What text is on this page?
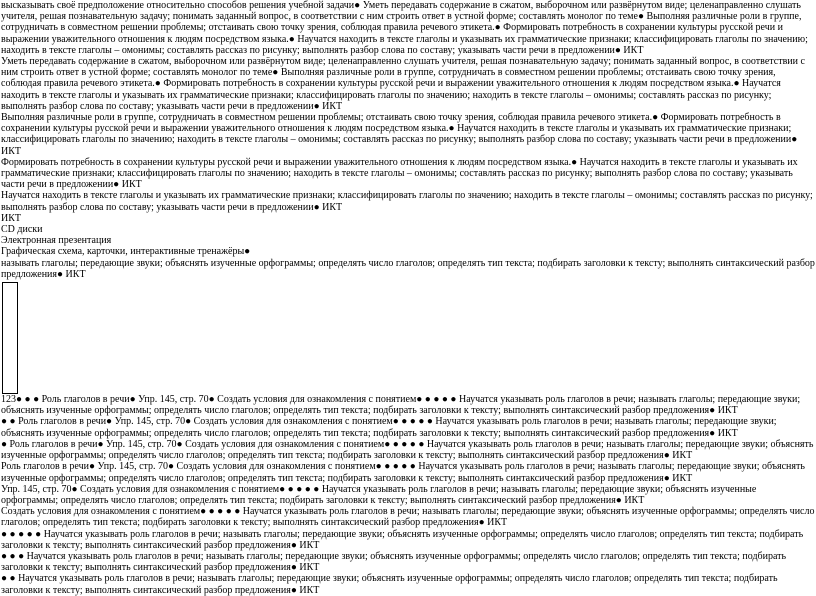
высказывать своё предположение относительно способов решения учебной задачи● Уметь передавать содержание в сжатом, выборочном или развёрнутом виде; целенаправленно слушать учителя, решая познавательную задачу; понимать заданный вопрос, в соответствии с ним строить ответ в устной форме; составлять монолог по теме● Выполняя различные роли в группе, сотрудничать в совместном решении проблемы; отстаивать свою точку зрения, соблюдая правила речевого этикета.● Формировать потребность в сохранении культуры русской речи и выражении уважительного отношения к людям посредством языка.● Научатся находить в тексте глаголы и указывать их грамматические признаки; классифицировать глаголы по значению; находить в тексте глаголы – омонимы; составлять рассказ по рисунку; выполнять разбор слова по составу; указывать части речи в предложении● ИКТ

Уметь передавать содержание в сжатом, выборочном или развёрнутом виде; целенаправленно слушать учителя, решая познавательную задачу; понимать заданный вопрос, в соответствии с ним строить ответ в устной форме; составлять монолог по теме● Выполняя различные роли в группе, сотрудничать в совместном решении проблемы; отстаивать свою точку зрения, соблюдая правила речевого этикета.● Формировать потребность в сохранении культуры русской речи и выражении уважительного отношения к людям посредством языка.● Научатся находить в тексте глаголы и указывать их грамматические признаки; классифицировать глаголы по значению; находить в тексте глаголы – омонимы; составлять рассказ по рисунку; выполнять разбор слова по составу; указывать части речи в предложении● ИКТ

Выполняя различные роли в группе, сотрудничать в совместном решении проблемы; отстаивать свою точку зрения, соблюдая правила речевого этикета.● Формировать потребность в сохранении культуры русской речи и выражении уважительного отношения к людям посредством языка.● Научатся находить в тексте глаголы и указывать их грамматические признаки; классифицировать глаголы по значению; находить в тексте глаголы – омонимы; составлять рассказ по рисунку; выполнять разбор слова по составу; указывать части речи в предложении● ИКТ

Формировать потребность в сохранении культуры русской речи и выражении уважительного отношения к людям посредством языка.● Научатся находить в тексте глаголы и указывать их грамматические признаки; классифицировать глаголы по значению; находить в тексте глаголы – омонимы; составлять рассказ по рисунку; выполнять разбор слова по составу; указывать части речи в предложении● ИКТ

Научатся находить в тексте глаголы и указывать их грамматические признаки; классифицировать глаголы по значению; находить в тексте глаголы – омонимы; составлять рассказ по рисунку; выполнять разбор слова по составу; указывать части речи в предложении● ИКТ

ИКТ

CD диски

Электронная презентация

Графическая схема, карточки, интерактивные тренажёры●

называть глаголы; передающие звуки; объяснять изученные орфограммы; определять число глаголов; определять тип текста; подбирать заголовки к тексту; выполнять синтаксический разбор предложения● ИКТ

123● ● ● Роль глаголов в речи● Упр. 145, стр. 70● Создать условия для ознакомления с понятием● ● ● ● ● Научатся указывать роль глаголов в речи; называть глаголы; передающие звуки; объяснять изученные орфограммы; определять число глаголов; определять тип текста; подбирать заголовки к тексту; выполнять синтаксический разбор предложения● ИКТ

● ● Роль глаголов в речи● Упр. 145, стр. 70● Создать условия для ознакомления с понятием● ● ● ● ● Научатся указывать роль глаголов в речи; называть глаголы; передающие звуки; объяснять изученные орфограммы; определять число глаголов; определять тип текста; подбирать заголовки к тексту; выполнять синтаксический разбор предложения● ИКТ

● Роль глаголов в речи● Упр. 145, стр. 70● Создать условия для ознакомления с понятием● ● ● ● ● Научатся указывать роль глаголов в речи; называть глаголы; передающие звуки; объяснять изученные орфограммы; определять число глаголов; определять тип текста; подбирать заголовки к тексту; выполнять синтаксический разбор предложения● ИКТ

Роль глаголов в речи● Упр. 145, стр. 70● Создать условия для ознакомления с понятием● ● ● ● ● Научатся указывать роль глаголов в речи; называть глаголы; передающие звуки; объяснять изученные орфограммы; определять число глаголов; определять тип текста; подбирать заголовки к тексту; выполнять синтаксический разбор предложения● ИКТ

Упр. 145, стр. 70● Создать условия для ознакомления с понятием● ● ● ● ● Научатся указывать роль глаголов в речи; называть глаголы; передающие звуки; объяснять изученные орфограммы; определять число глаголов; определять тип текста; подбирать заголовки к тексту; выполнять синтаксический разбор предложения● ИКТ

Создать условия для ознакомления с понятием● ● ● ● ● Научатся указывать роль глаголов в речи; называть глаголы; передающие звуки; объяснять изученные орфограммы; определять число глаголов; определять тип текста; подбирать заголовки к тексту; выполнять синтаксический разбор предложения● ИКТ

● ● ● ● ● Научатся указывать роль глаголов в речи; называть глаголы; передающие звуки; объяснять изученные орфограммы; определять число глаголов; определять тип текста; подбирать заголовки к тексту; выполнять синтаксический разбор предложения● ИКТ

● ● ● Научатся указывать роль глаголов в речи; называть глаголы; передающие звуки; объяснять изученные орфограммы; определять число глаголов; определять тип текста; подбирать заголовки к тексту; выполнять синтаксический разбор предложения● ИКТ

● ● Научатся указывать роль глаголов в речи; называть глаголы; передающие звуки; объяснять изученные орфограммы; определять число глаголов; определять тип текста; подбирать заголовки к тексту; выполнять синтаксический разбор предложения● ИКТ
